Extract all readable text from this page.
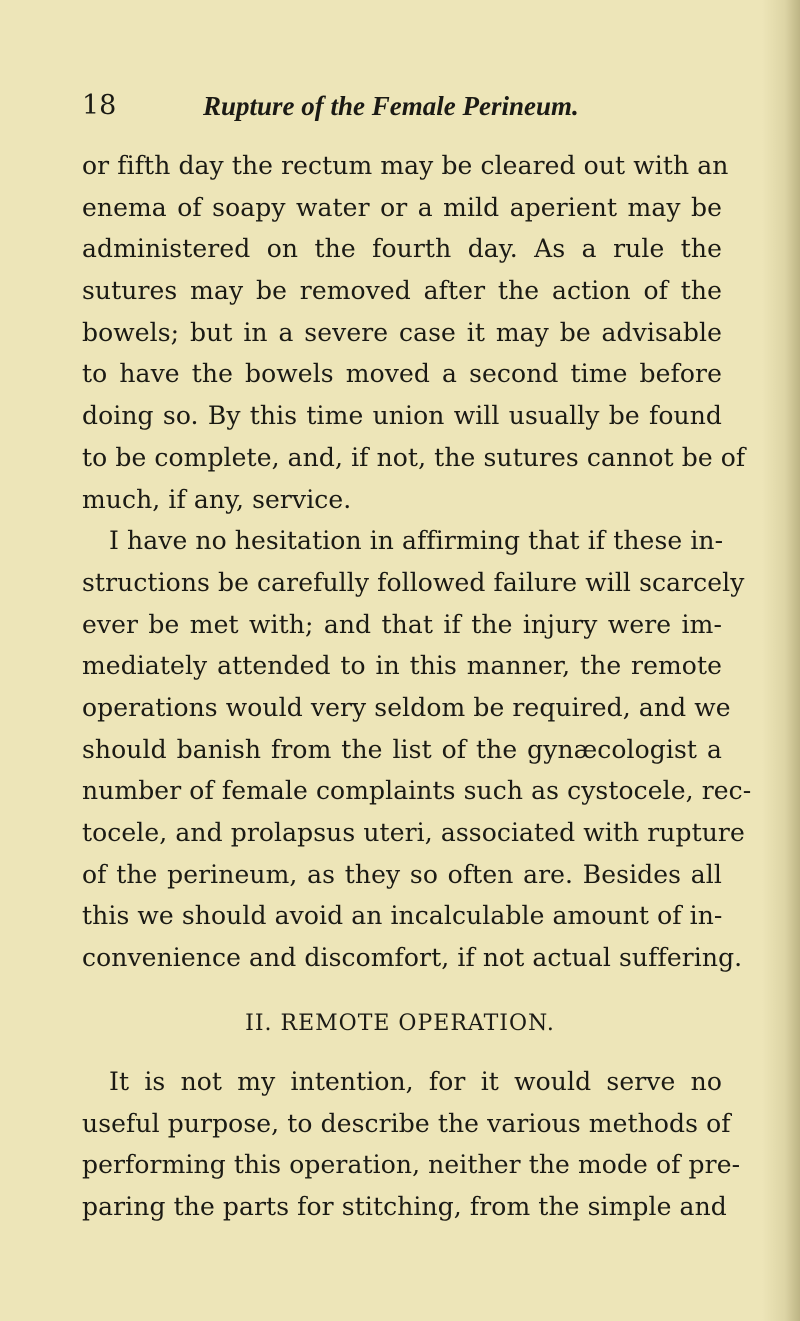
18	Rupture of the Female Perineum.
or fifth day the rectum may be cleared out with an
enema of soapy water or a mild aperient may be
administered on the fourth day. As a rule the
sutures may be removed after the action of the
bowels; but in a severe case it may be advisable
to have the bowels moved a second time before
doing so. By this time union will usually be found
to be complete, and, if not, the sutures cannot be of
much, if any, service.
I have no hesitation in affirming that if these in-
structions be carefully followed failure will scarcely
ever be met with; and that if the injury were im-
mediately attended to in this manner, the remote
operations would very seldom be required, and we
should banish from the list of the gynæcologist a
number of female complaints such as cystocele, rec-
tocele, and prolapsus uteri, associated with rupture
of the perineum, as they so often are. Besides all
this we should avoid an incalculable amount of in-
convenience and discomfort, if not actual suffering.
II. REMOTE OPERATION.
It is not my intention, for it would serve no
useful purpose, to describe the various methods of
performing this operation, neither the mode of pre-
paring the parts for stitching, from the simple and
